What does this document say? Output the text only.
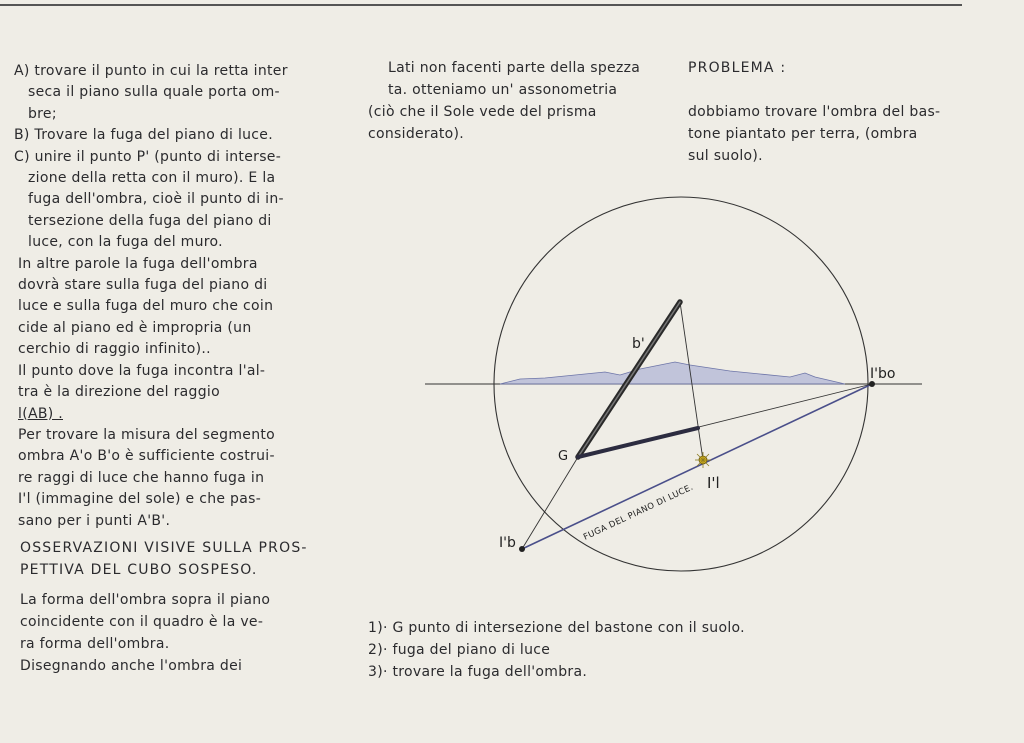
A) trovare il punto in cui la retta inter

seca il piano sulla quale porta om-

bre;

B) Trovare la fuga del piano di luce.

C) unire il punto P' (punto di interse-

zione della retta con il muro). E la

fuga dell'ombra, cioè il punto di in-

tersezione della fuga del piano di

luce, con la fuga del muro.

In altre parole la fuga dell'ombra

dovrà stare sulla fuga del piano di

luce e sulla fuga del muro che coin

cide al piano ed è impropria (un

cerchio di raggio infinito)..

Il punto dove la fuga incontra l'al-

tra è la direzione del raggio

l(AB) .

Per trovare la misura del segmento

ombra A'o B'o è sufficiente costrui-

re raggi di luce che hanno fuga in

I'l (immagine del sole) e che pas-

sano per i punti A'B'.

OSSERVAZIONI VISIVE SULLA PROS-

PETTIVA DEL CUBO SOSPESO.

La forma dell'ombra sopra il piano

coincidente con il quadro è la ve-

ra forma dell'ombra.

Disegnando anche l'ombra dei

Lati non facenti parte della spezza

ta. otteniamo un' assonometria

(ciò che il Sole vede del prisma

considerato).

PROBLEMA :

dobbiamo trovare l'ombra del bas-

tone piantato per terra, (ombra

sul suolo).

b'
G
I'bo
I'l
I'b
FUGA DEL PIANO DI LUCE.

1)· G punto di intersezione del bastone con il suolo.

2)· fuga del piano di luce

3)· trovare la fuga dell'ombra.
